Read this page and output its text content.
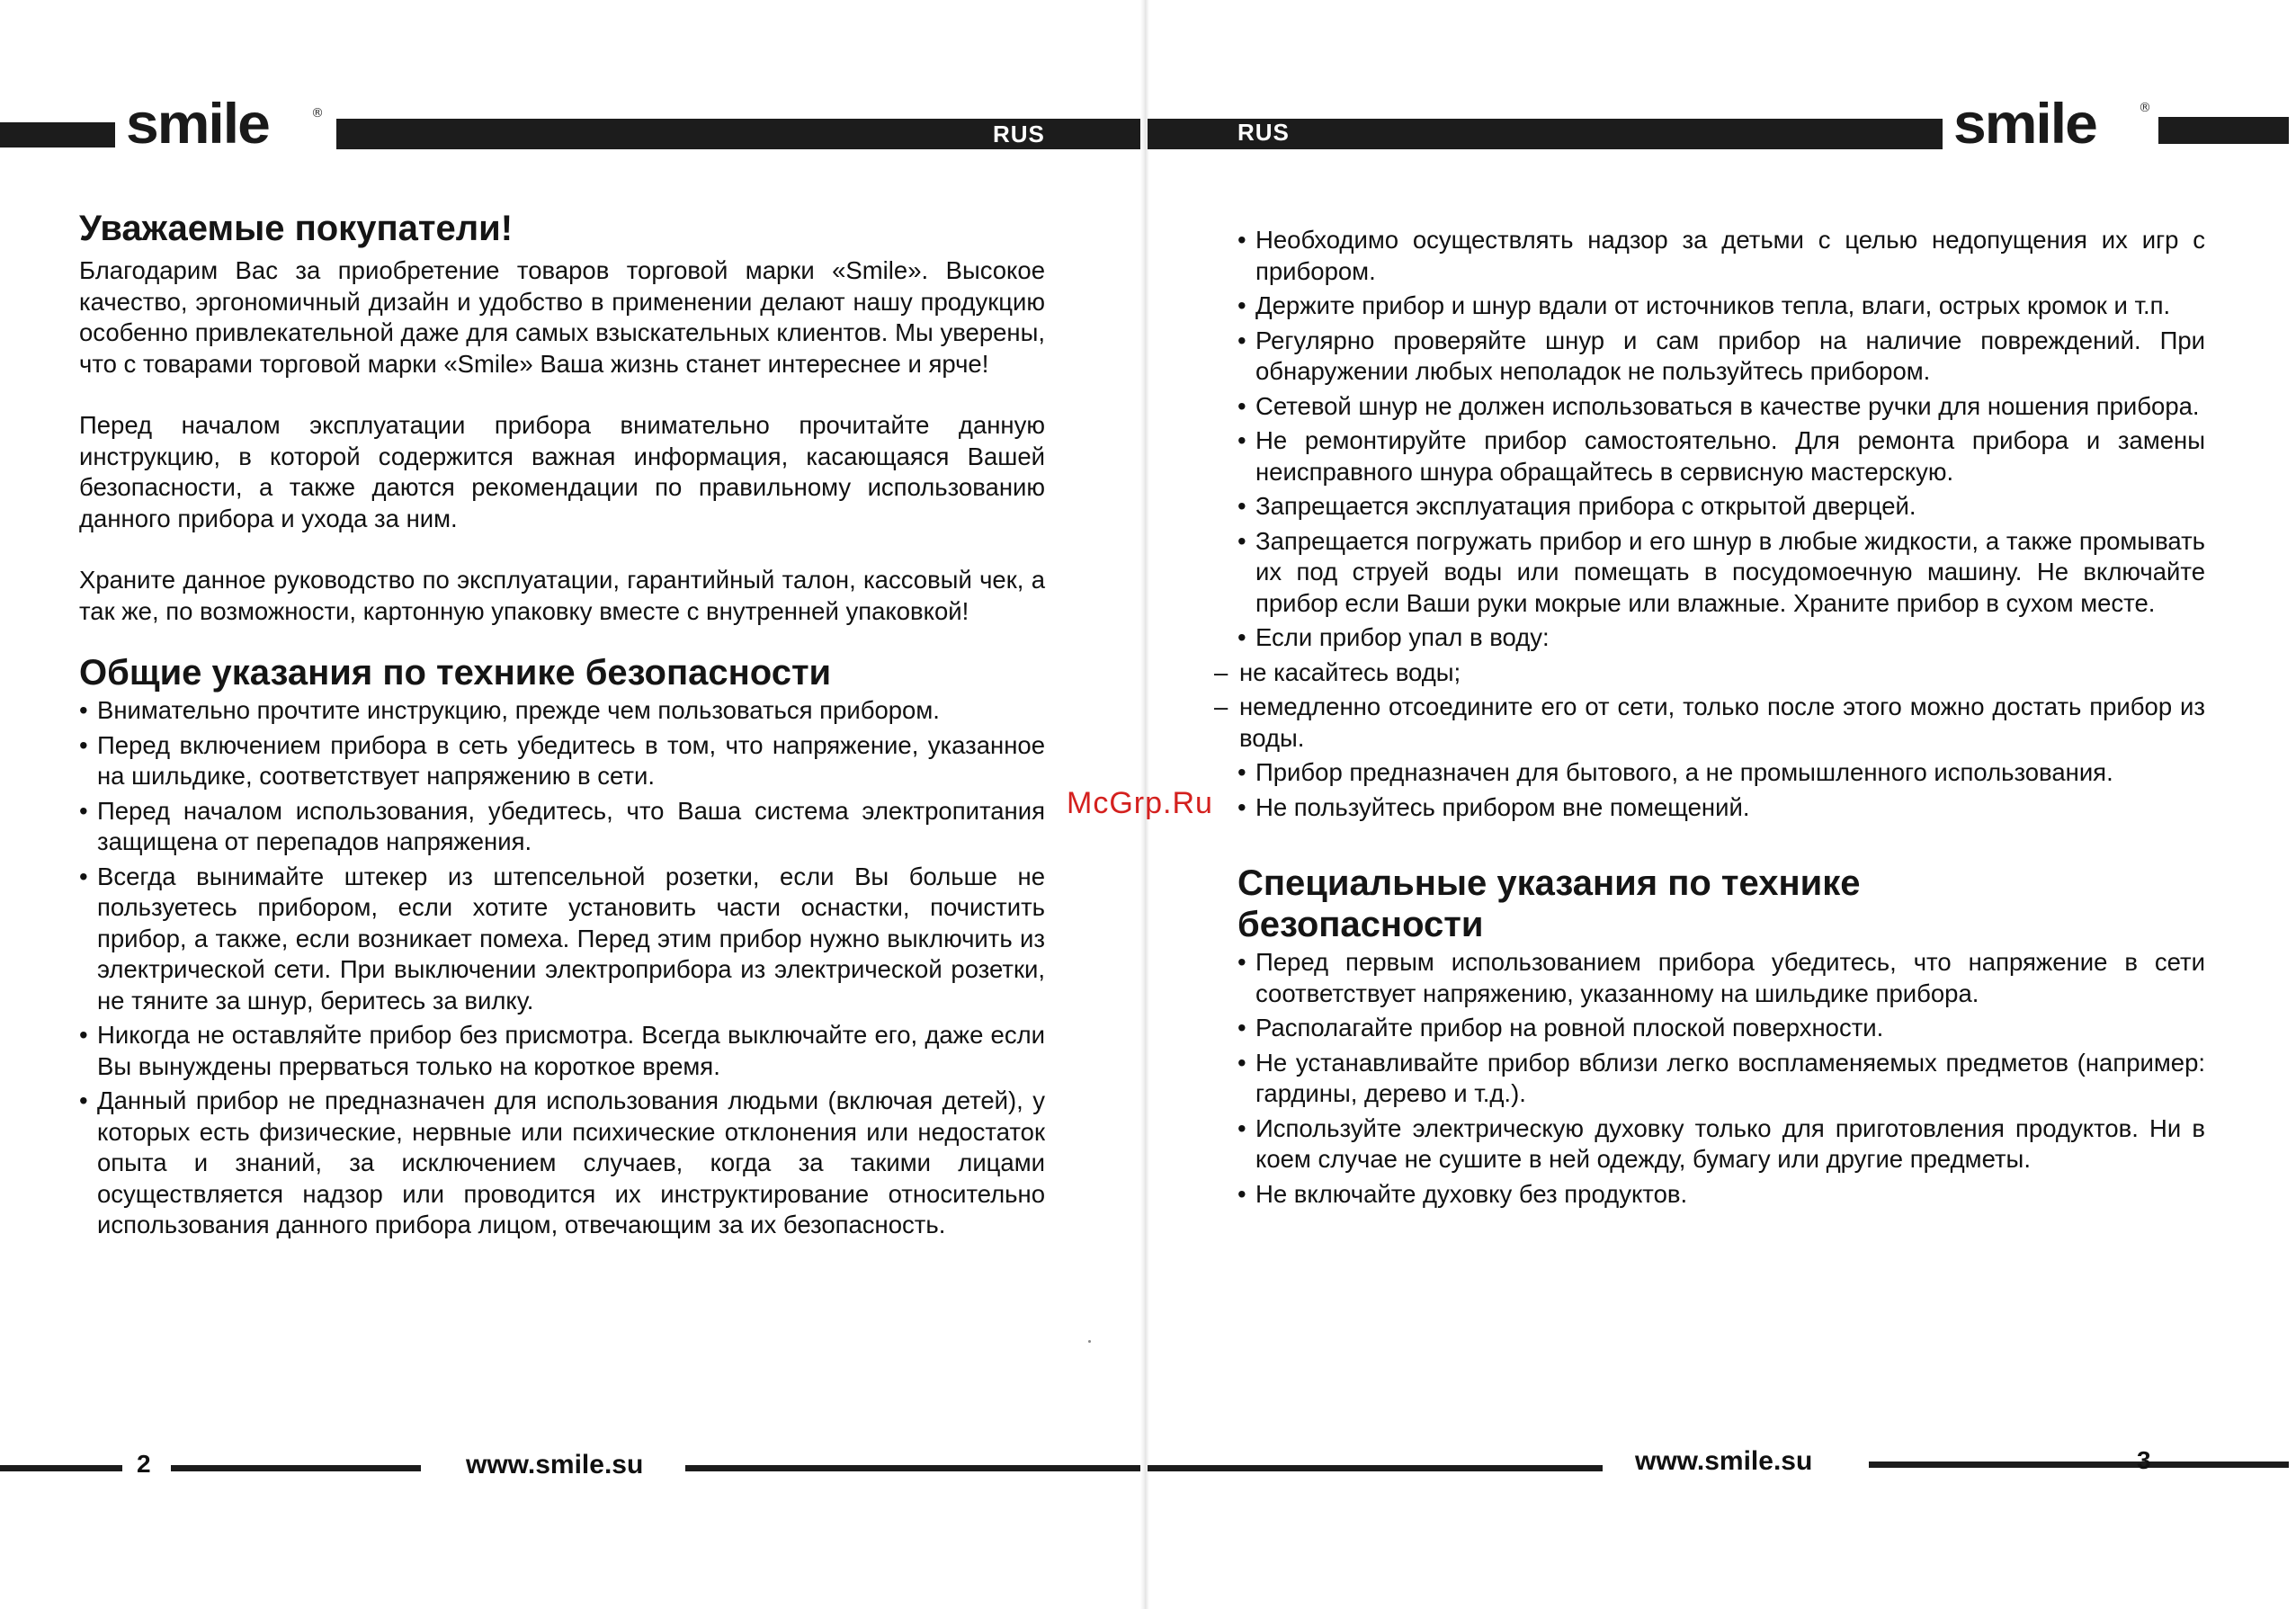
smile	®
RUS
Уважаемые покупатели!

Благодарим Вас за приобретение товаров торговой марки «Smile». Высокое качество, эргономичный дизайн и удобство в применении делают нашу продукцию особенно привлекательной даже для самых взыскательных клиентов. Мы уверены, что с товарами торговой марки «Smile» Ваша жизнь станет интереснее и ярче!

Перед началом эксплуатации прибора внимательно прочитайте данную инструкцию, в которой содержится важная информация, касающаяся Вашей безопасности, а также даются рекомендации по правильному использованию данного прибора и ухода за ним.

Храните данное руководство по эксплуатации, гарантийный талон, кассовый чек, а так же, по возможности, картонную упаковку вместе с внутренней упаковкой!

Общие указания по технике безопасности
• Внимательно прочтите инструкцию, прежде чем пользоваться прибором.
• Перед включением прибора в сеть убедитесь в том, что напряжение, указанное на шильдике, соответствует напряжению в сети.
• Перед началом использования, убедитесь, что Ваша система электропитания защищена от перепадов напряжения.
• Всегда вынимайте штекер из штепсельной розетки, если Вы больше не пользуетесь прибором, если хотите установить части оснастки, почистить прибор, а также, если возникает помеха. Перед этим прибор нужно выключить из электрической сети. При выключении электроприбора из электрической розетки, не тяните за шнур, беритесь за вилку.
• Никогда не оставляйте прибор без присмотра. Всегда выключайте его, даже если Вы вынуждены прерваться только на короткое время.
• Данный прибор не предназначен для использования людьми (включая детей), у которых есть физические, нервные или психические отклонения или недостаток опыта и знаний, за исключением случаев, когда за такими лицами осуществляется надзор или проводится их инструктирование относительно использования данного прибора лицом, отвечающим за их безопасность.
2	www.smile.su
RUS	smile	®
• Необходимо осуществлять надзор за детьми с целью недопущения их игр с прибором.
• Держите прибор и шнур вдали от источников тепла, влаги, острых кромок и т.п.
• Регулярно проверяйте шнур и сам прибор на наличие повреждений. При обнаружении любых неполадок не пользуйтесь прибором.
• Сетевой шнур не должен использоваться в качестве ручки для ношения прибора.
• Не ремонтируйте прибор самостоятельно. Для ремонта прибора и замены неисправного шнура обращайтесь в сервисную мастерскую.
• Запрещается эксплуатация прибора с открытой дверцей.
• Запрещается погружать прибор и его шнур в любые жидкости, а также промывать их под струей воды или помещать в посудомоечную машину. Не включайте прибор если Ваши руки мокрые или влажные. Храните прибор в сухом месте.
• Если прибор упал в воду:
– не касайтесь воды;
– немедленно отсоедините его от сети, только после этого можно достать прибор из воды.
• Прибор предназначен для бытового, а не промышленного использования.
• Не пользуйтесь прибором вне помещений.
Специальные указания по технике безопасности
• Перед первым использованием прибора убедитесь, что напряжение в сети соответствует напряжению, указанному на шильдике прибора.
• Располагайте прибор на ровной плоской поверхности.
• Не устанавливайте прибор вблизи легко воспламеняемых предметов (например: гардины, дерево и т.д.).
• Используйте электрическую духовку только для приготовления продуктов. Ни в коем случае не сушите в ней одежду, бумагу или другие предметы.
• Не включайте духовку без продуктов.
www.smile.su	3
McGrp.Ru
